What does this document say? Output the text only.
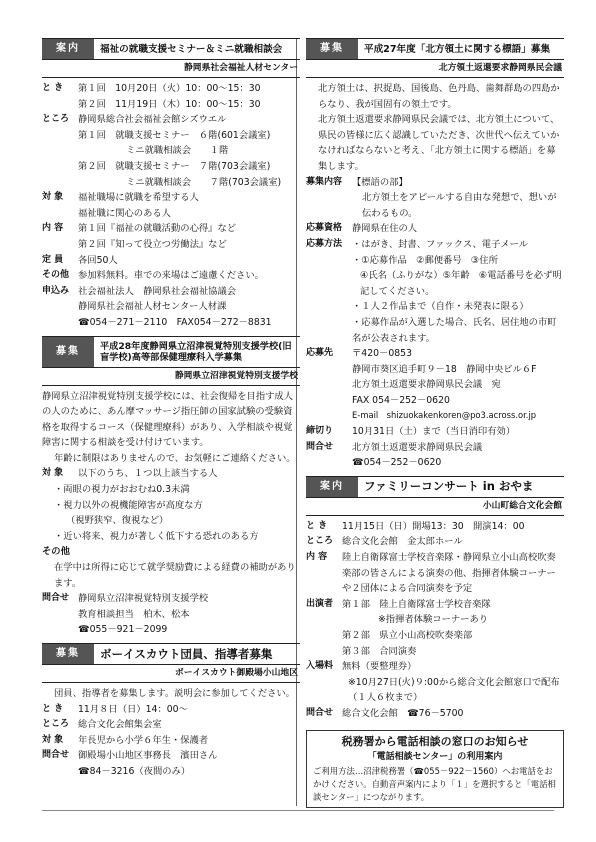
案内	福祉の就職支援セミナー＆ミニ就職相談会
静岡県社会福祉人材センター
と き	第１回　10月20日（火）10：00～15：30
第２回　11月19日（木）10：00～15：30
ところ 静岡県総合社会福祉会館シズウエル
第１回　就職支援セミナー　６階(601会議室)
ミニ就職相談会　　１階
第２回　就職支援セミナー　７階(703会議室)
ミニ就職相談会　　７階(703会議室)
対 象	福祉職場に就職を希望する人
福祉職に関心のある人
内 容	第１回『福祉の就職活動の心得』など
第２回『知って役立つ労働法』など
定 員	各回50人
その他 参加料無料。車での来場はご遠慮ください。
申込み 社会福祉法人　静岡県社会福祉協議会
静岡県社会福祉人材センター人材課
☎054－271－2110　FAX054－272－8831
募集	平成28年度静岡県立沼津視覚特別支援学校(旧盲学校)高等部保健理療科入学募集
静岡県立沼津視覚特別支援学校
静岡県立沼津視覚特別支援学校には、社会復帰を目指す成人の人のために、あん摩マッサージ指圧師の国家試験の受験資格を取得するコース（保健理療科）があり、入学相談や視覚障害に関する相談を受け付けています。
年齢に制限はありませんので、お気軽にご連絡ください。
対 象	以下のうち、１つ以上該当する人
・両眼の視力がおおむね0.3未満
・視力以外の視機能障害が高度な方
（視野狭窄、復視など）
・近い将来、視力が著しく低下する恐れのある方
その他
在学中は所得に応じて就学奨励費による経費の補助があります。
問合せ 静岡県立沼津視覚特別支援学校
教育相談担当　柏木、松本
☎055－921－2099
募集	ボーイスカウト団員、指導者募集
ボーイスカウト御殿場小山地区
団員、指導者を募集します。説明会に参加してください。
と き	11月８日（日）14：00～
ところ 総合文化会館集会室
対 象	年長児から小学６年生・保護者
問合せ 御殿場小山地区事務長　濱田さん
☎84－3216（夜間のみ）
募集	平成27年度「北方領土に関する標語」募集
北方領土返還要求静岡県民会議
北方領土は、択捉島、国後島、色丹島、歯舞群島の四島からなり、我が国固有の領土です。
北方領土返還要求静岡県民会議では、北方領土について、県民の皆様に広く認識していただき、次世代へ伝えていかなければならないと考え、「北方領土に関する標語」を募集します。
募集内容	【標語の部】
北方領土をアピールする自由な発想で、想いが伝わるもの。
応募資格	静岡県在住の人
応募方法	・はがき、封書、ファックス、電子メール
・①応募作品　②郵便番号　③住所
④氏名（ふりがな）⑤年齢　⑥電話番号を必ず明記してください。
・１人２作品まで（自作・未発表に限る）
・応募作品が入選した場合、氏名、居住地の市町名が公表されます。
応募先	〒420－0853
静岡市葵区追手町９－18　静岡中央ビル６F
北方領土返還要求静岡県民会議　宛
FAX 054－252－0620
E-mail　shizuokakenkoren@po3.across.or.jp
締切り	10月31日（土）まで（当日消印有効）
問合せ	北方領土返還要求静岡県民会議
☎054－252－0620
案内	ファミリーコンサート in おやま
小山町総合文化会館
と き	11月15日（日）開場13：30　開演14：00
ところ 総合文化会館　金太郎ホール
内 容	陸上自衛隊富士学校音楽隊・静岡県立小山高校吹奏楽部の皆さんによる演奏の他、指揮者体験コーナーや２団体による合同演奏を予定
出演者 第１部　陸上自衛隊富士学校音楽隊
※指揮者体験コーナーあり
第２部　県立小山高校吹奏楽部
第３部　合同演奏
入場料 無料（要整理券）
※10月27日(火)９:00から総合文化会館窓口で配布（１人６枚まで）
問合せ 総合文化会館　☎76－5700
税務署から電話相談の窓口のお知らせ
「電話相談センター」の利用案内
ご利用方法…沼津税務署（☎055－922－1560）へお電話をおかけください。自動音声案内により「１」を選択すると「電話相談センター」につながります。
